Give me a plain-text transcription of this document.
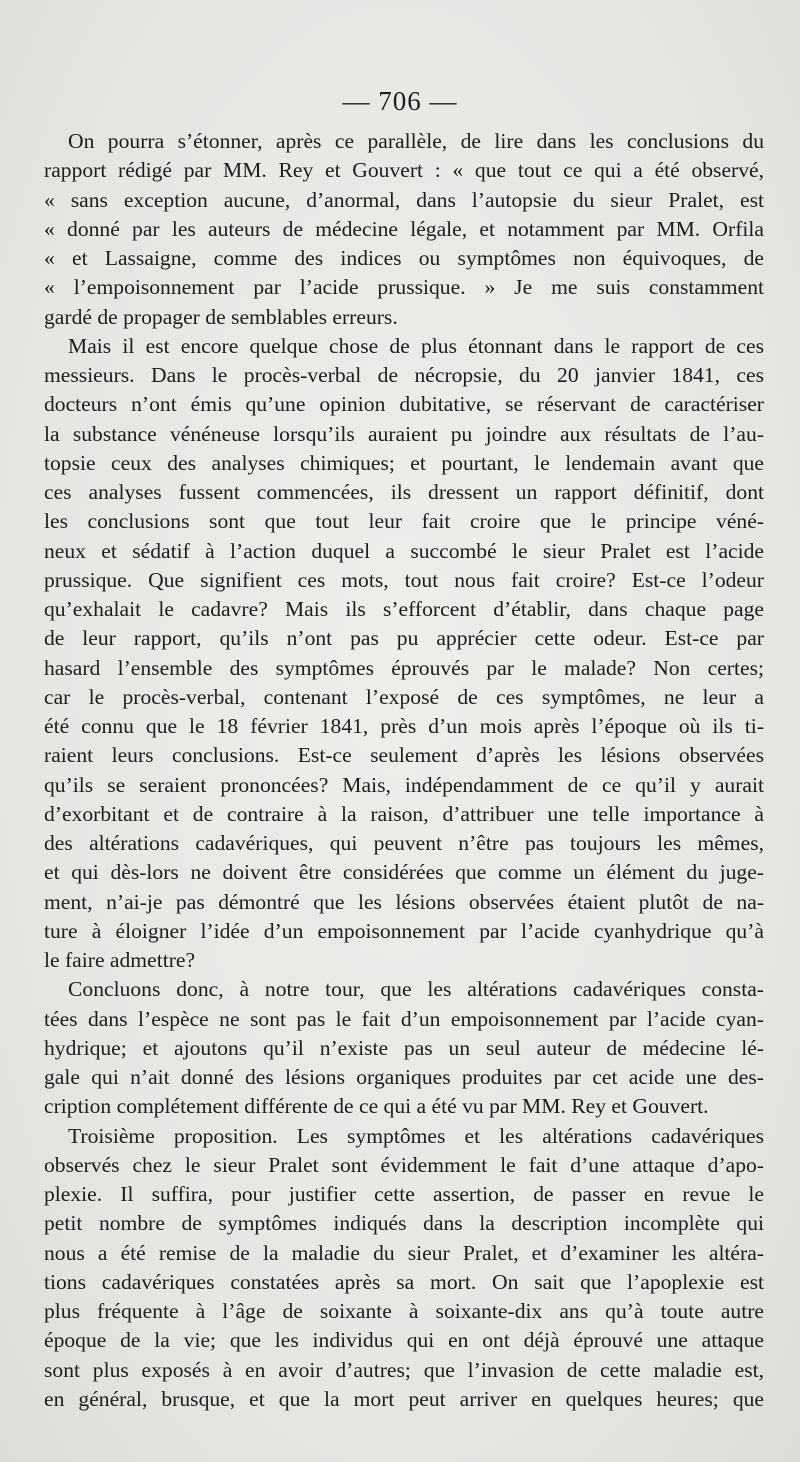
— 706 —

On pourra s’étonner, après ce parallèle, de lire dans les conclusions du

rapport rédigé par MM. Rey et Gouvert : « que tout ce qui a été observé,

« sans exception aucune, d’anormal, dans l’autopsie du sieur Pralet, est

« donné par les auteurs de médecine légale, et notamment par MM. Orfila

« et Lassaigne, comme des indices ou symptômes non équivoques, de

« l’empoisonnement par l’acide prussique. » Je me suis constamment

gardé de propager de semblables erreurs.

Mais il est encore quelque chose de plus étonnant dans le rapport de ces

messieurs. Dans le procès-verbal de nécropsie, du 20 janvier 1841, ces

docteurs n’ont émis qu’une opinion dubitative, se réservant de caractériser

la substance vénéneuse lorsqu’ils auraient pu joindre aux résultats de l’au-

topsie ceux des analyses chimiques; et pourtant, le lendemain avant que

ces analyses fussent commencées, ils dressent un rapport définitif, dont

les conclusions sont que tout leur fait croire que le principe véné-

neux et sédatif à l’action duquel a succombé le sieur Pralet est l’acide

prussique. Que signifient ces mots, tout nous fait croire? Est-ce l’odeur

qu’exhalait le cadavre? Mais ils s’efforcent d’établir, dans chaque page

de leur rapport, qu’ils n’ont pas pu apprécier cette odeur. Est-ce par

hasard l’ensemble des symptômes éprouvés par le malade? Non certes;

car le procès-verbal, contenant l’exposé de ces symptômes, ne leur a

été connu que le 18 février 1841, près d’un mois après l’époque où ils ti-

raient leurs conclusions. Est-ce seulement d’après les lésions observées

qu’ils se seraient prononcées? Mais, indépendamment de ce qu’il y aurait

d’exorbitant et de contraire à la raison, d’attribuer une telle importance à

des altérations cadavériques, qui peuvent n’être pas toujours les mêmes,

et qui dès-lors ne doivent être considérées que comme un élément du juge-

ment, n’ai-je pas démontré que les lésions observées étaient plutôt de na-

ture à éloigner l’idée d’un empoisonnement par l’acide cyanhydrique qu’à

le faire admettre?

Concluons donc, à notre tour, que les altérations cadavériques consta-

tées dans l’espèce ne sont pas le fait d’un empoisonnement par l’acide cyan-

hydrique; et ajoutons qu’il n’existe pas un seul auteur de médecine lé-

gale qui n’ait donné des lésions organiques produites par cet acide une des-

cription complétement différente de ce qui a été vu par MM. Rey et Gouvert.

Troisième proposition. Les symptômes et les altérations cadavériques

observés chez le sieur Pralet sont évidemment le fait d’une attaque d’apo-

plexie. Il suffira, pour justifier cette assertion, de passer en revue le

petit nombre de symptômes indiqués dans la description incomplète qui

nous a été remise de la maladie du sieur Pralet, et d’examiner les altéra-

tions cadavériques constatées après sa mort. On sait que l’apoplexie est

plus fréquente à l’âge de soixante à soixante-dix ans qu’à toute autre

époque de la vie; que les individus qui en ont déjà éprouvé une attaque

sont plus exposés à en avoir d’autres; que l’invasion de cette maladie est,

en général, brusque, et que la mort peut arriver en quelques heures; que
